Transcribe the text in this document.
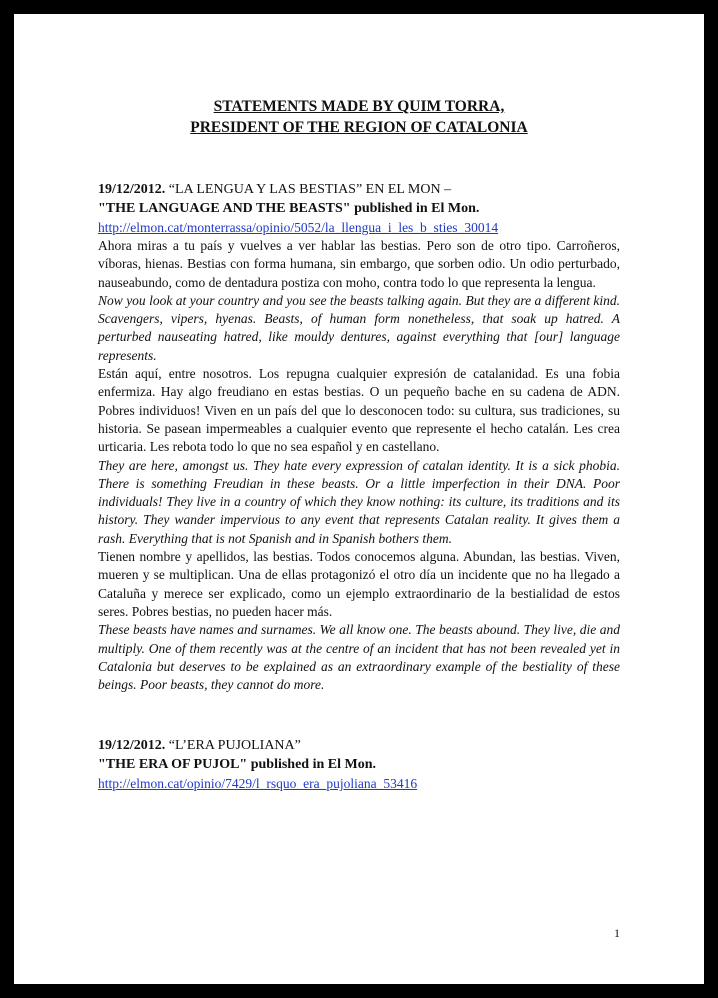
STATEMENTS MADE BY QUIM TORRA,
PRESIDENT OF THE REGION OF CATALONIA

19/12/2012. “LA LENGUA Y LAS BESTIAS” EN EL MON –

"THE LANGUAGE AND THE BEASTS" published in El Mon.

http://elmon.cat/monterrassa/opinio/5052/la_llengua_i_les_b_sties_30014

Ahora miras a tu país y vuelves a ver hablar las bestias. Pero son de otro tipo. Carroñeros, víboras, hienas. Bestias con forma humana, sin embargo, que sorben odio. Un odio perturbado, nauseabundo, como de dentadura postiza con moho, contra todo lo que representa la lengua.

Now you look at your country and you see the beasts talking again. But they are a different kind. Scavengers, vipers, hyenas. Beasts, of human form nonetheless, that soak up hatred. A perturbed nauseating hatred, like mouldy dentures, against everything that [our] language represents.

Están aquí, entre nosotros. Los repugna cualquier expresión de catalanidad. Es una fobia enfermiza. Hay algo freudiano en estas bestias. O un pequeño bache en su cadena de ADN. Pobres individuos! Viven en un país del que lo desconocen todo: su cultura, sus tradiciones, su historia. Se pasean impermeables a cualquier evento que represente el hecho catalán. Les crea urticaria. Les rebota todo lo que no sea español y en castellano.

They are here, amongst us. They hate every expression of catalan identity. It is a sick phobia. There is something Freudian in these beasts. Or a little imperfection in their DNA. Poor individuals! They live in a country of which they know nothing: its culture, its traditions and its history. They wander impervious to any event that represents Catalan reality. It gives them a rash. Everything that is not Spanish and in Spanish bothers them.

Tienen nombre y apellidos, las bestias. Todos conocemos alguna. Abundan, las bestias. Viven, mueren y se multiplican. Una de ellas protagonizó el otro día un incidente que no ha llegado a Cataluña y merece ser explicado, como un ejemplo extraordinario de la bestialidad de estos seres. Pobres bestias, no pueden hacer más.

These beasts have names and surnames. We all know one. The beasts abound. They live, die and multiply. One of them recently was at the centre of an incident that has not been revealed yet in Catalonia but deserves to be explained as an extraordinary example of the bestiality of these beings. Poor beasts, they cannot do more.

19/12/2012. “L’ERA PUJOLIANA”

"THE ERA OF PUJOL" published in El Mon.

http://elmon.cat/opinio/7429/l_rsquo_era_pujoliana_53416
1
